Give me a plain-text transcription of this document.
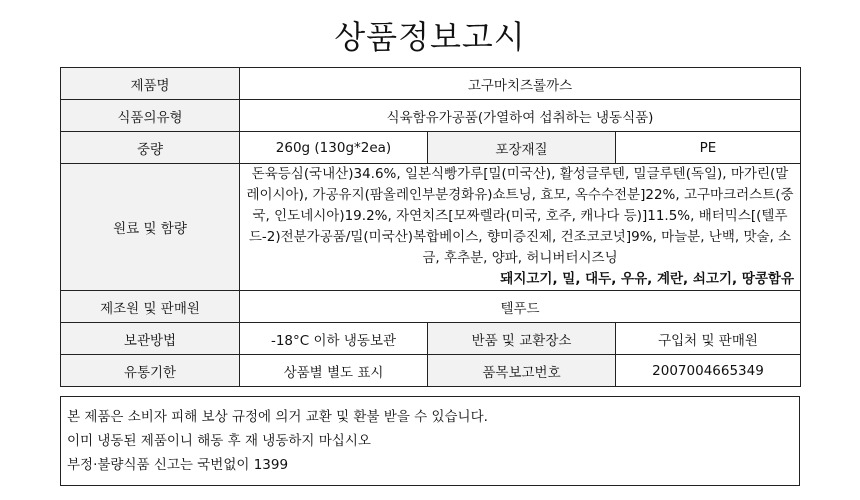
상품정보고시
제품명	고구마치즈롤까스		
식품의유형	식육함유가공품(가열하여 섭취하는 냉동식품)		
중량	260g (130g*2ea)	포장재질	PE
원료 및 함량	돈육등심(국내산)34.6%, 일본식빵가루[밀(미국산), 활성글루텐, 밀글루텐(독일), 마가린(말레이시아), 가공유지(팜올레인부분경화유)쇼트닝, 효모, 옥수수전분]22%, 고구마크러스트(중국, 인도네시아)19.2%, 자연치즈[모짜렐라(미국, 호주, 캐나다 등)]11.5%, 배터믹스[(텔푸드-2)전분가공품/밀(미국산)복합베이스, 향미증진제, 건조코코넛]9%, 마늘분, 난백, 맛술, 소금, 후추분, 양파, 허니버터시즈닝
돼지고기, 밀, 대두, 우유, 계란, 쇠고기, 땅콩함유		

제조원 및 판매원	텔푸드		
보관방법	-18°C 이하 냉동보관	반품 및 교환장소	구입처 및 판매원
유통기한	상품별 별도 표시	품목보고번호	2007004665349
본 제품은 소비자 피해 보상 규정에 의거 교환 및 환불 받을 수 있습니다.
이미 냉동된 제품이니 해동 후 재 냉동하지 마십시오
부정·불량식품 신고는 국번없이 1399
